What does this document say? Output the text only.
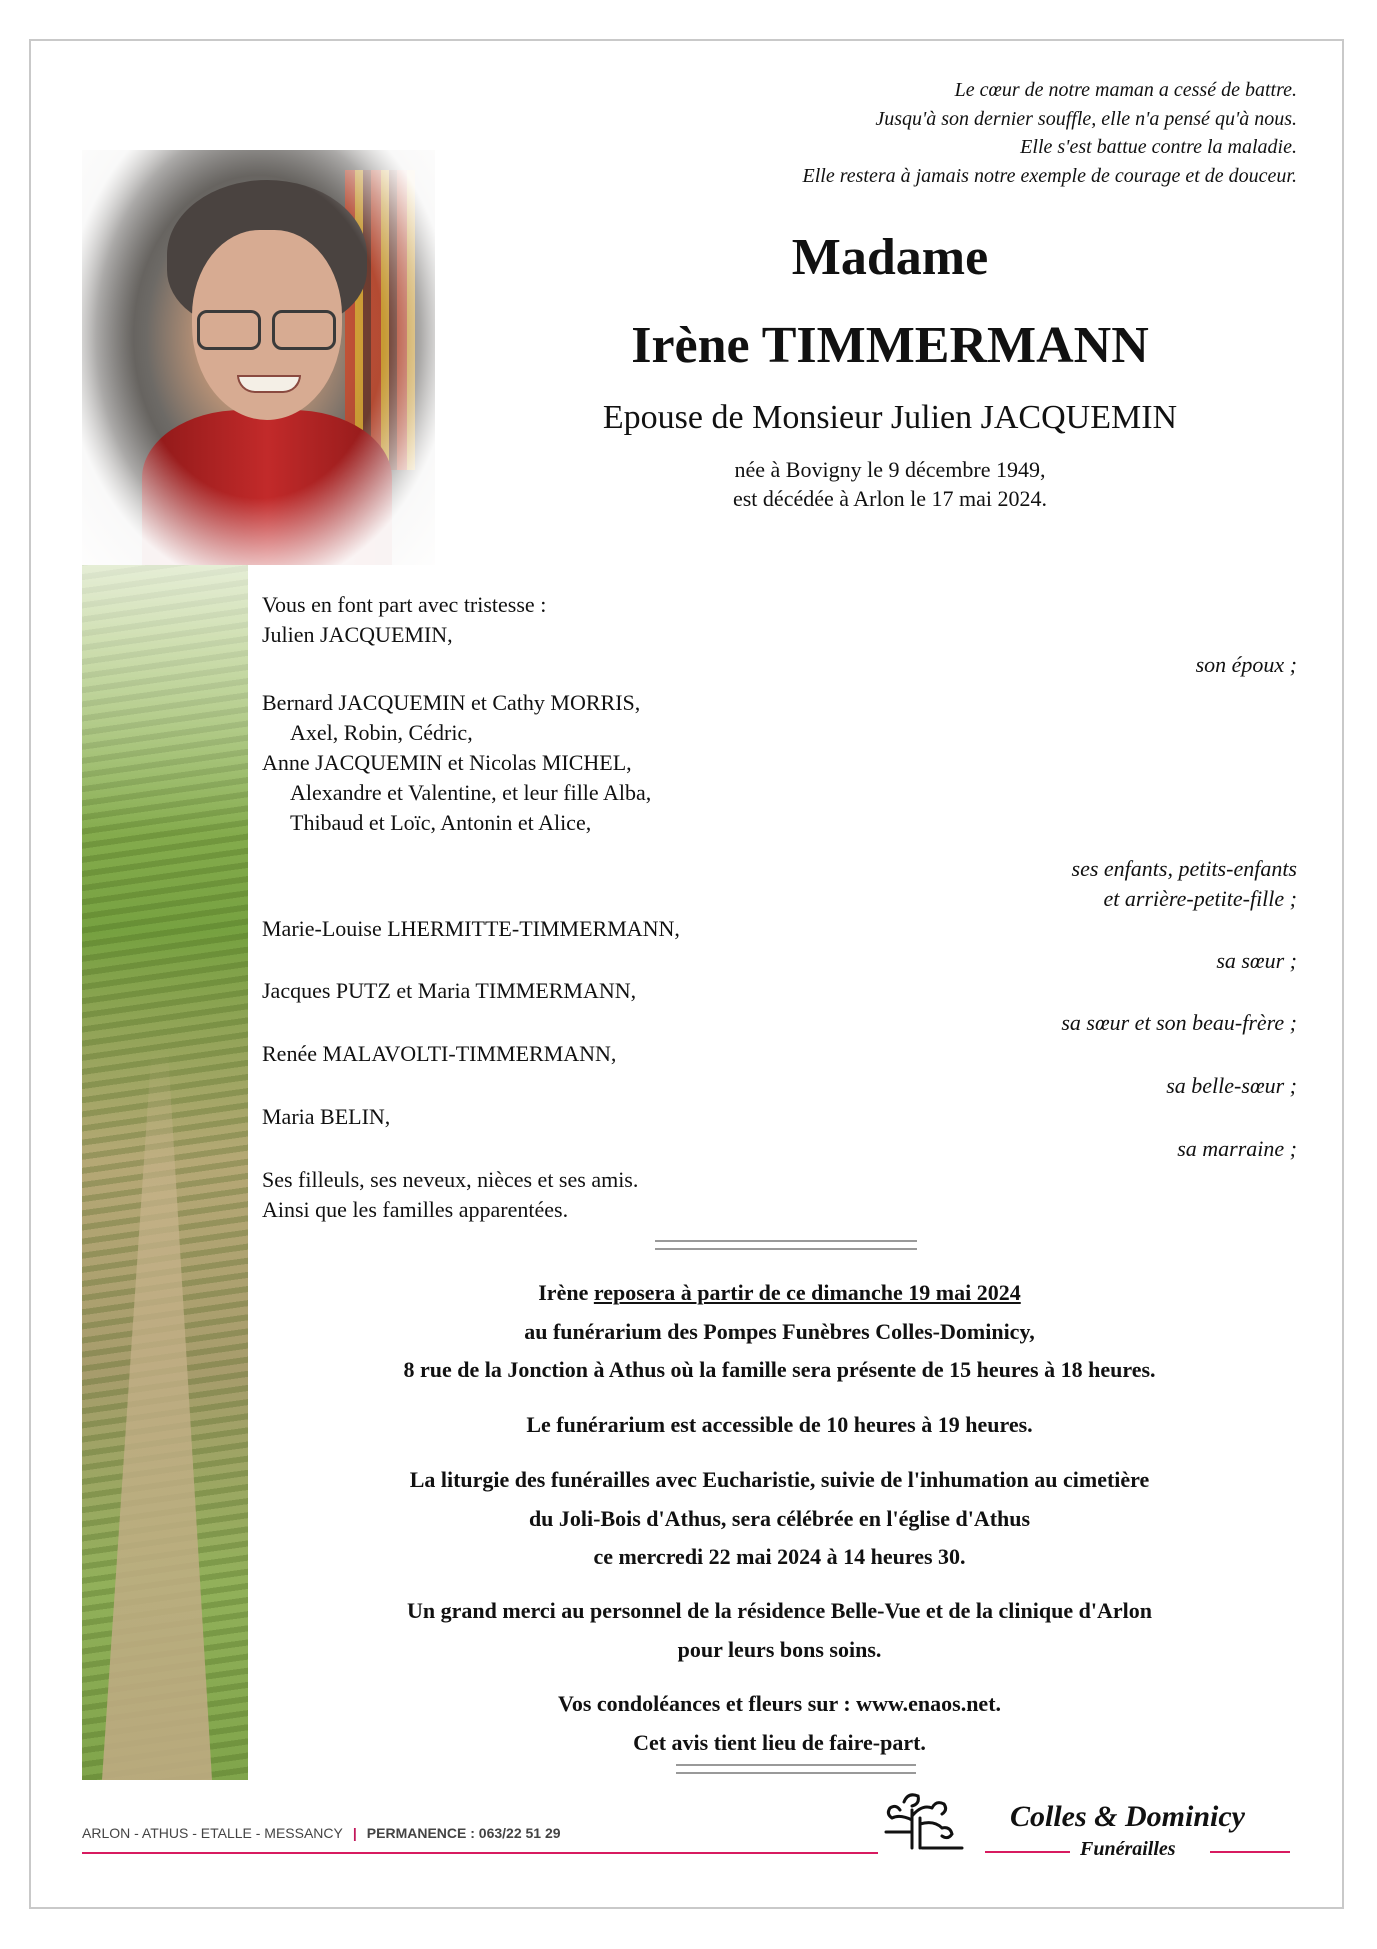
Le cœur de notre maman a cessé de battre.
Jusqu'à son dernier souffle, elle n'a pensé qu'à nous.
Elle s'est battue contre la maladie.
Elle restera à jamais notre exemple de courage et de douceur.
Madame
Irène TIMMERMANN
Epouse de Monsieur Julien JACQUEMIN
née à Bovigny le 9 décembre 1949,
est décédée à Arlon le 17 mai 2024.
Vous en font part avec tristesse :
Julien JACQUEMIN,
son époux ;
Bernard JACQUEMIN et Cathy MORRIS,
Axel, Robin, Cédric,
Anne JACQUEMIN et Nicolas MICHEL,
Alexandre et Valentine, et leur fille Alba,
Thibaud et Loïc, Antonin et Alice,
ses enfants, petits-enfants
et arrière-petite-fille ;
Marie-Louise LHERMITTE-TIMMERMANN,
sa sœur ;
Jacques PUTZ et Maria TIMMERMANN,
sa sœur et son beau-frère ;
Renée MALAVOLTI-TIMMERMANN,
sa belle-sœur ;
Maria BELIN,
sa marraine ;
Ses filleuls, ses neveux, nièces et ses amis.
Ainsi que les familles apparentées.
Irène reposera à partir de ce dimanche 19 mai 2024
au funérarium des Pompes Funèbres Colles-Dominicy,
8 rue de la Jonction à Athus où la famille sera présente de 15 heures à 18 heures.
Le funérarium est accessible de 10 heures à 19 heures.
La liturgie des funérailles avec Eucharistie, suivie de l'inhumation au cimetière
du Joli-Bois d'Athus, sera célébrée en l'église d'Athus
ce mercredi 22 mai 2024 à 14 heures 30.
Un grand merci au personnel de la résidence Belle-Vue et de la clinique d'Arlon
pour leurs bons soins.
Vos condoléances et fleurs sur : www.enaos.net.
Cet avis tient lieu de faire-part.
ARLON - ATHUS - ETALLE - MESSANCY | PERMANENCE : 063/22 51 29	Colles & Dominicy
Funérailles
